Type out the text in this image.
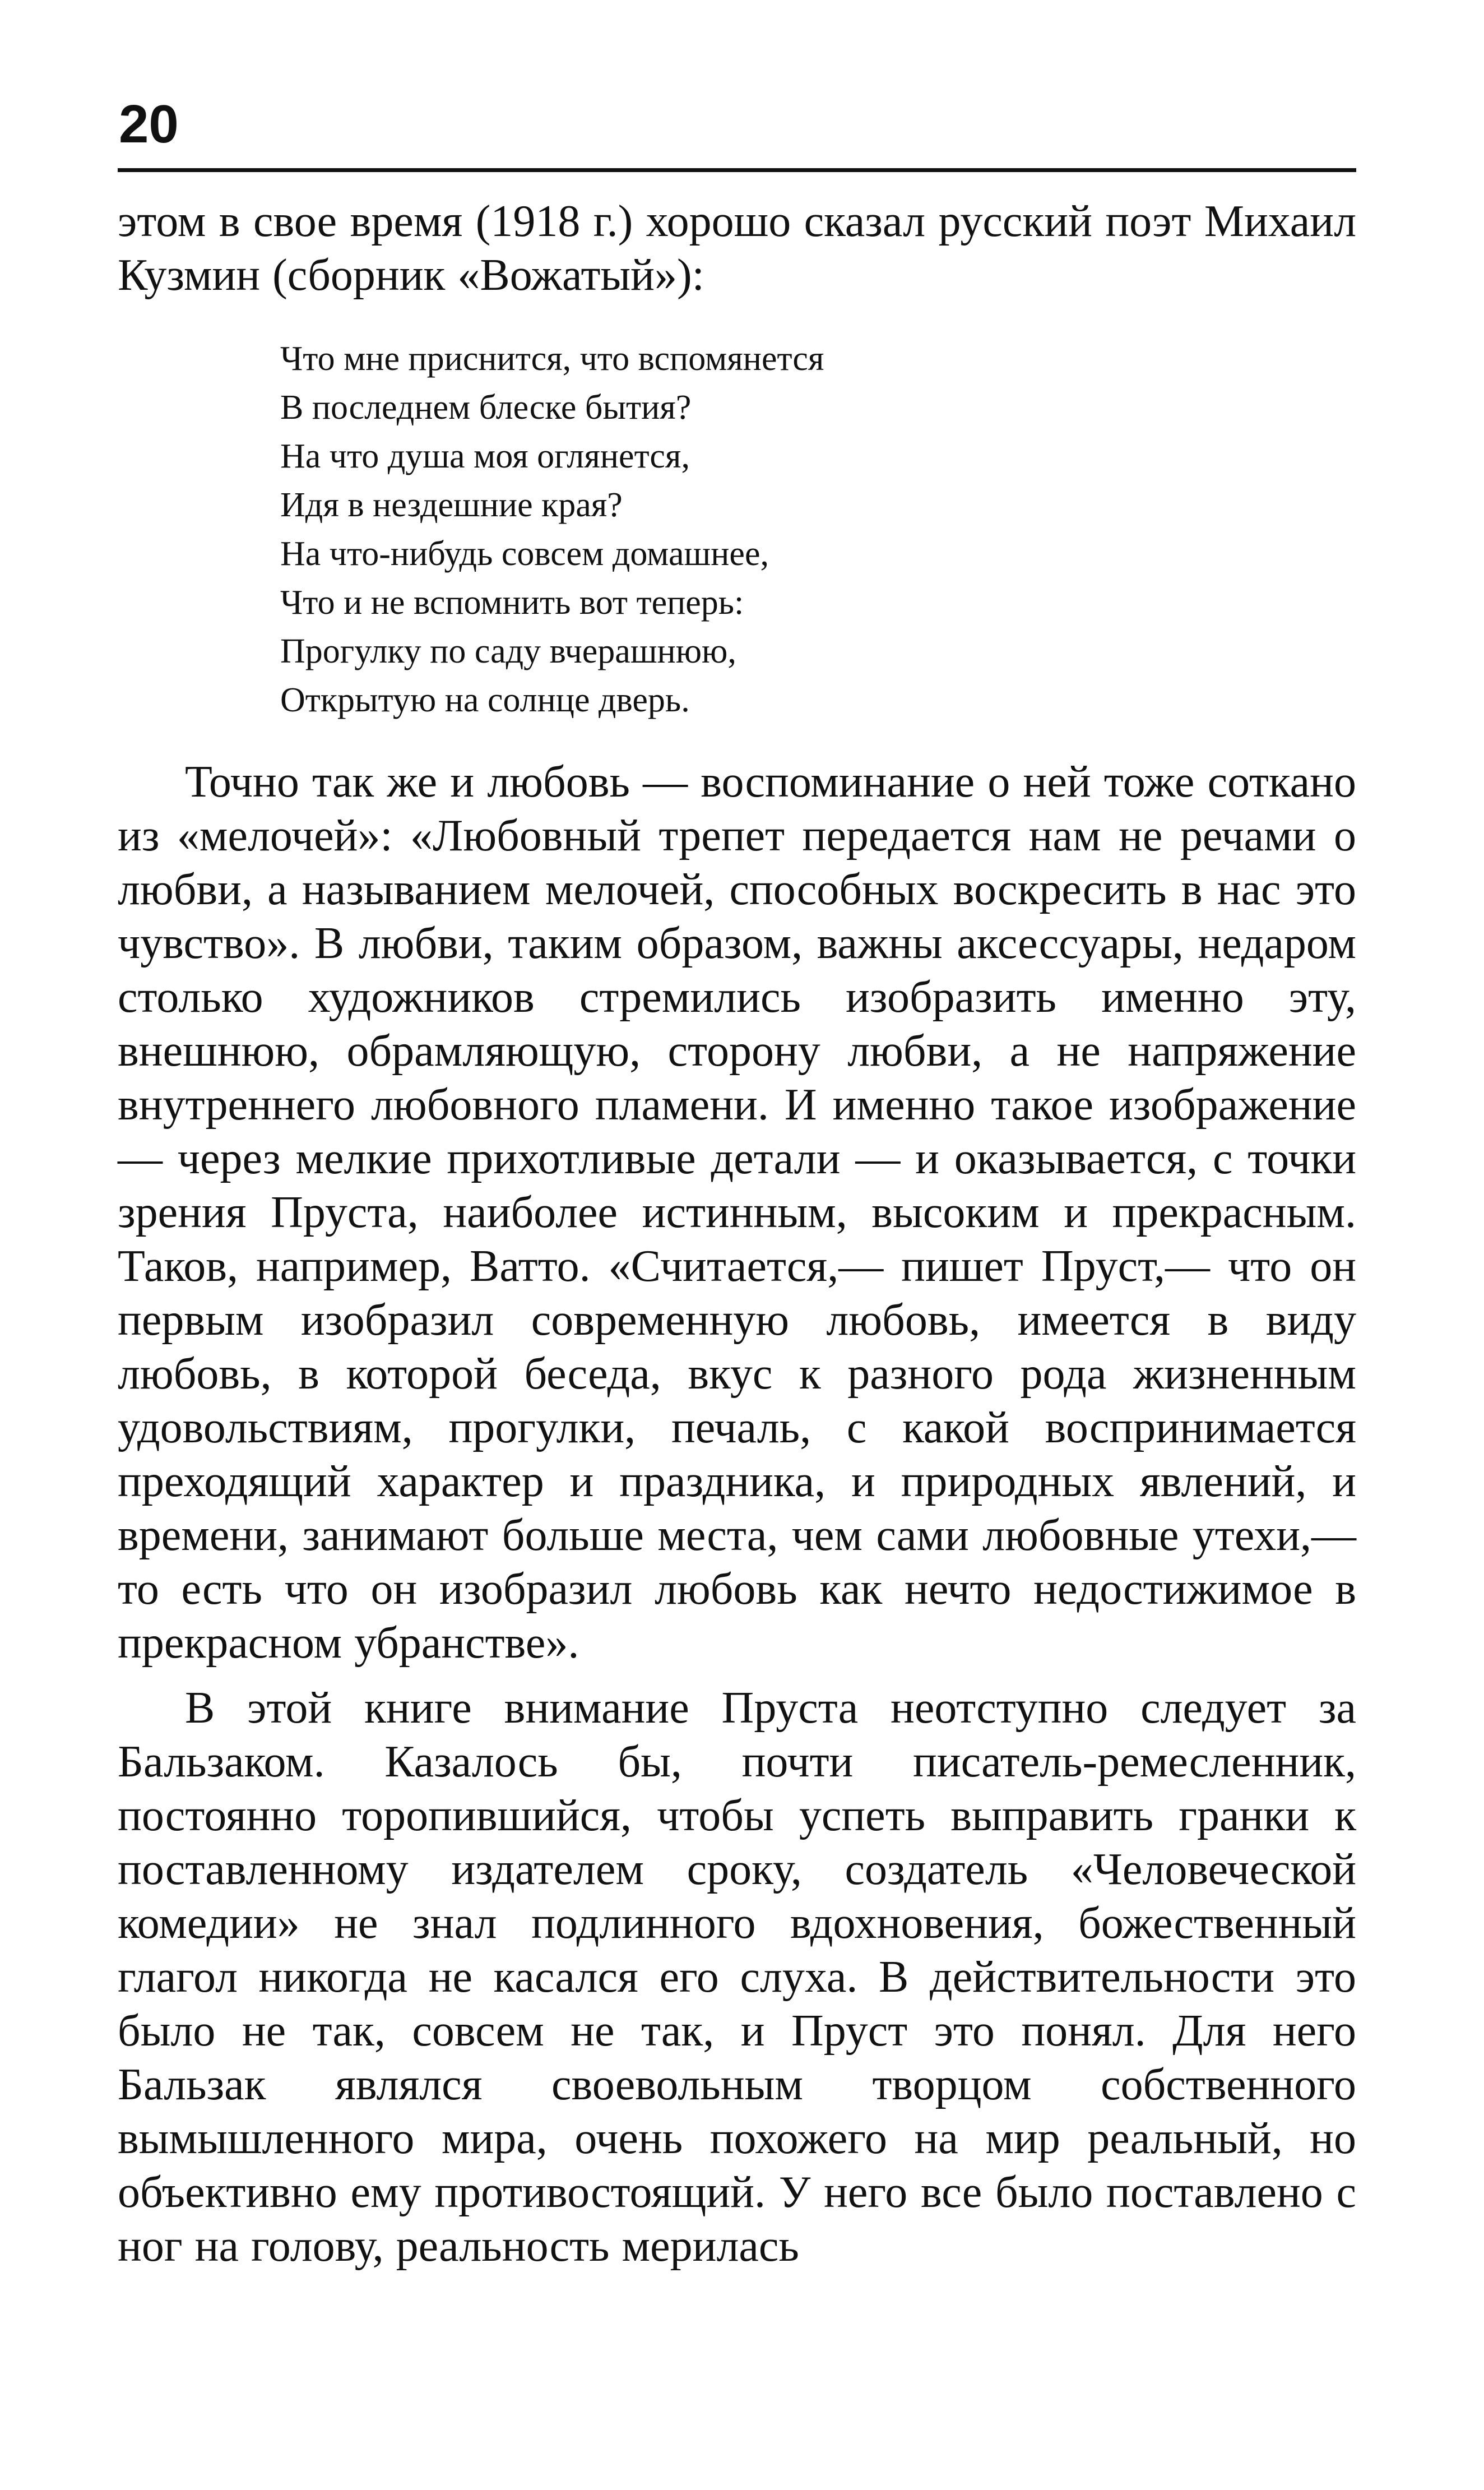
20

этом в свое время (1918 г.) хорошо сказал русский поэт Михаил Кузмин (сборник «Вожатый»):

Что мне приснится, что вспомянется
В последнем блеске бытия?
На что душа моя оглянется,
Идя в нездешние края?
На что-нибудь совсем домашнее,
Что и не вспомнить вот теперь:
Прогулку по саду вчерашнюю,
Открытую на солнце дверь.

Точно так же и любовь — воспоминание о ней тоже соткано из «мелочей»: «Любовный трепет передается нам не речами о любви, а называнием мелочей, способных воскресить в нас это чувство». В любви, таким образом, важны аксессуары, недаром столько художников стремились изобразить именно эту, внешнюю, обрамляющую, сторону любви, а не напряжение внутреннего любовного пламени. И именно такое изображение — через мелкие прихотливые детали — и оказывается, с точки зрения Пруста, наиболее истинным, высоким и прекрасным. Таков, например, Ватто. «Считается,— пишет Пруст,— что он первым изобразил современную любовь, имеется в виду любовь, в которой беседа, вкус к разного рода жизненным удовольствиям, прогулки, печаль, с какой воспринимается преходящий характер и праздника, и природных явлений, и времени, занимают больше места, чем сами любовные утехи,— то есть что он изобразил любовь как нечто недостижимое в прекрасном убранстве».

В этой книге внимание Пруста неотступно следует за Бальзаком. Казалось бы, почти писатель-ремесленник, постоянно торопившийся, чтобы успеть выправить гранки к поставленному издателем сроку, создатель «Человеческой комедии» не знал подлинного вдохновения, божественный глагол никогда не касался его слуха. В действительности это было не так, совсем не так, и Пруст это понял. Для него Бальзак являлся своевольным творцом собственного вымышленного мира, очень похожего на мир реальный, но объективно ему противостоящий. У него все было поставлено с ног на голову, реальность мерилась
